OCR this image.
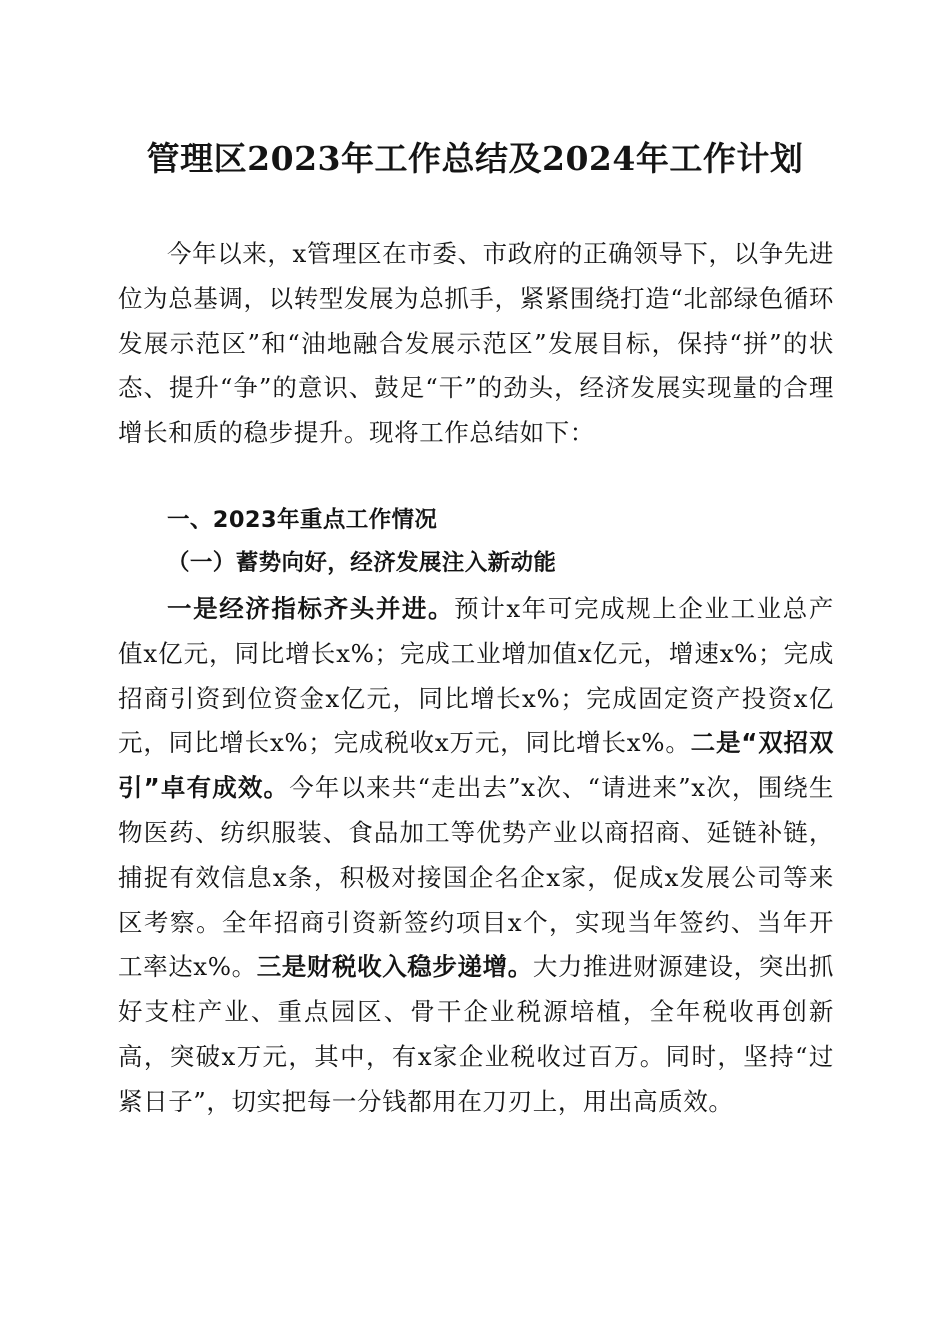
管理区2023年工作总结及2024年工作计划

今年以来，x管理区在市委、市政府的正确领导下，以争先进位为总基调，以转型发展为总抓手，紧紧围绕打造“北部绿色循环发展示范区”和“油地融合发展示范区”发展目标，保持“拼”的状态、提升“争”的意识、鼓足“干”的劲头，经济发展实现量的合理增长和质的稳步提升。现将工作总结如下：

一、2023年重点工作情况
（一）蓄势向好，经济发展注入新动能

一是经济指标齐头并进。预计x年可完成规上企业工业总产值x亿元，同比增长x%；完成工业增加值x亿元，增速x%；完成招商引资到位资金x亿元，同比增长x%；完成固定资产投资x亿元，同比增长x%；完成税收x万元，同比增长x%。二是“双招双引”卓有成效。今年以来共“走出去”x次、“请进来”x次，围绕生物医药、纺织服装、食品加工等优势产业以商招商、延链补链，捕捉有效信息x条，积极对接国企名企x家，促成x发展公司等来区考察。全年招商引资新签约项目x个，实现当年签约、当年开工率达x%。三是财税收入稳步递增。大力推进财源建设，突出抓好支柱产业、重点园区、骨干企业税源培植，全年税收再创新高，突破x万元，其中，有x家企业税收过百万。同时，坚持“过紧日子”，切实把每一分钱都用在刀刃上，用出高质效。
